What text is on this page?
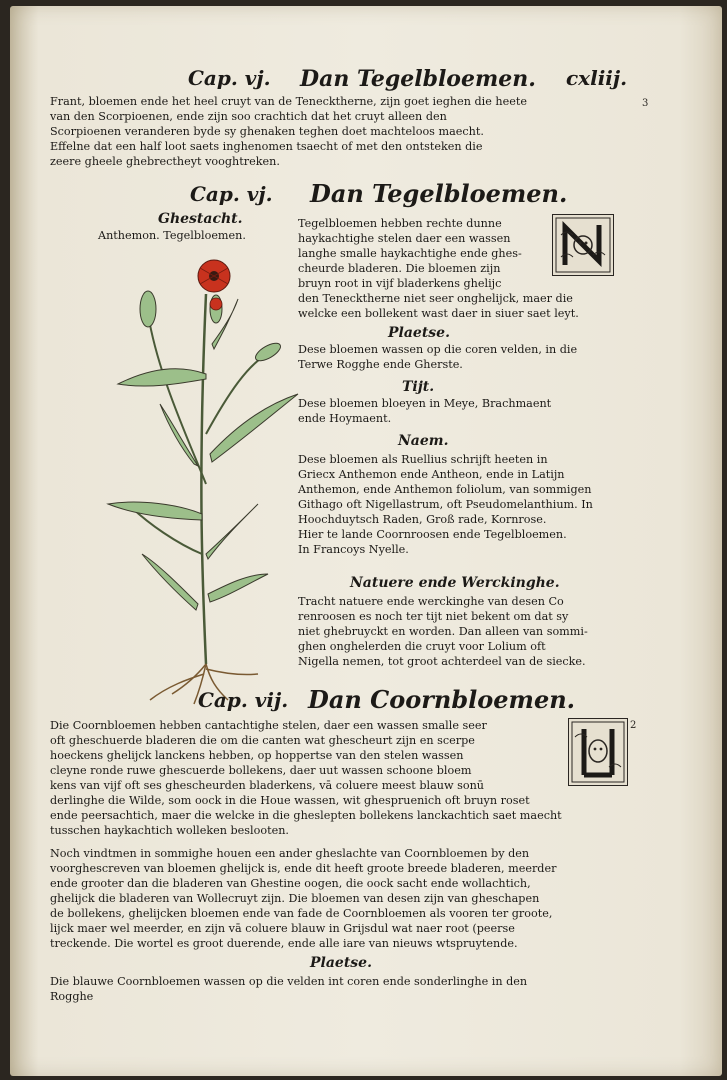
cxliij.
Dan Tegelbloemen.
Cap. vj.
Frant, bloemen ende het heel cruyt van de Tenecktherne, zijn goet ieghen die heete
van den Scorpioenen, ende zijn soo crachtich dat het cruyt alleen den
Scorpioenen veranderen byde sy ghenaken teghen doet machteloos maecht.
Effelne dat een half loot saets inghenomen tsaecht of met den ontsteken die
zeere gheele ghebrectheyt vooghtreken.
3
Dan Tegelbloemen.
Cap. vj.
Ghestacht.
Anthemon. Tegelbloemen.
Tegelbloemen hebben rechte dunne
haykachtighe stelen daer een wassen
langhe smalle haykachtighe ende ghes-
cheurde bladeren. Die bloemen zijn
bruyn root in vijf bladerkens ghelijc
den Tenecktherne niet seer onghelijck, maer die
welcke een bollekent wast daer in siuer saet leyt.
Plaetse.
Dese bloemen wassen op die coren velden, in die
Terwe Rogghe ende Gherste.
Tijt.
Dese bloemen bloeyen in Meye, Brachmaent
ende Hoymaent.
Naem.
Dese bloemen als Ruellius schrijft heeten in
Griecx Anthemon ende Antheon, ende in Latijn
Anthemon, ende Anthemon foliolum, van sommigen
Githago oft Nigellastrum, oft Pseudomelanthium. In
Hoochduytsch Raden, Groß rade, Kornrose.
Hier te lande Coornroosen ende Tegelbloemen.
In Francoys Nyelle.
Natuere ende Werckinghe.
Tracht natuere ende werckinghe van desen Co
renroosen es noch ter tijt niet bekent om dat sy
niet ghebruyckt en worden. Dan alleen van sommi-
ghen onghelerden die cruyt voor Lolium oft
Nigella nemen, tot groot achterdeel van de siecke.
Dan Coornbloemen.
Cap. vij.
2
Die Coornbloemen hebben cantachtighe stelen, daer een wassen smalle seer
oft gheschuerde bladeren die om die canten wat ghescheurt zijn en scerpe
hoeckens ghelijck lanckens hebben, op hoppertse van den stelen wassen
cleyne ronde ruwe ghescuerde bollekens, daer uut wassen schoone bloem
kens van vijf oft ses ghescheurden bladerkens, vā coluere meest blauw sonū
derlinghe die Wilde, som oock in die Houe wassen, wit ghespruenich oft bruyn roset
ende peersachtich, maer die welcke in die gheslepten bollekens lanckachtich saet maecht
tusschen haykachtich wolleken beslooten.
Noch vindtmen in sommighe houen een ander gheslachte van Coornbloemen by den
voorghescreven van bloemen ghelijck is, ende dit heeft groote breede bladeren, meerder
ende grooter dan die bladeren van Ghestine oogen, die oock sacht ende wollachtich,
ghelijck die bladeren van Wollecruyt zijn. Die bloemen van desen zijn van gheschapen
de bollekens, ghelijcken bloemen ende van fade de Coornbloemen als vooren ter groote,
lijck maer wel meerder, en zijn vā coluere blauw in Grijsdul wat naer root (peerse
treckende. Die wortel es groot duerende, ende alle iare van nieuws wtspruytende.
Plaetse.
Die blauwe Coornbloemen wassen op die velden int coren ende sonderlinghe in den
Rogghe
